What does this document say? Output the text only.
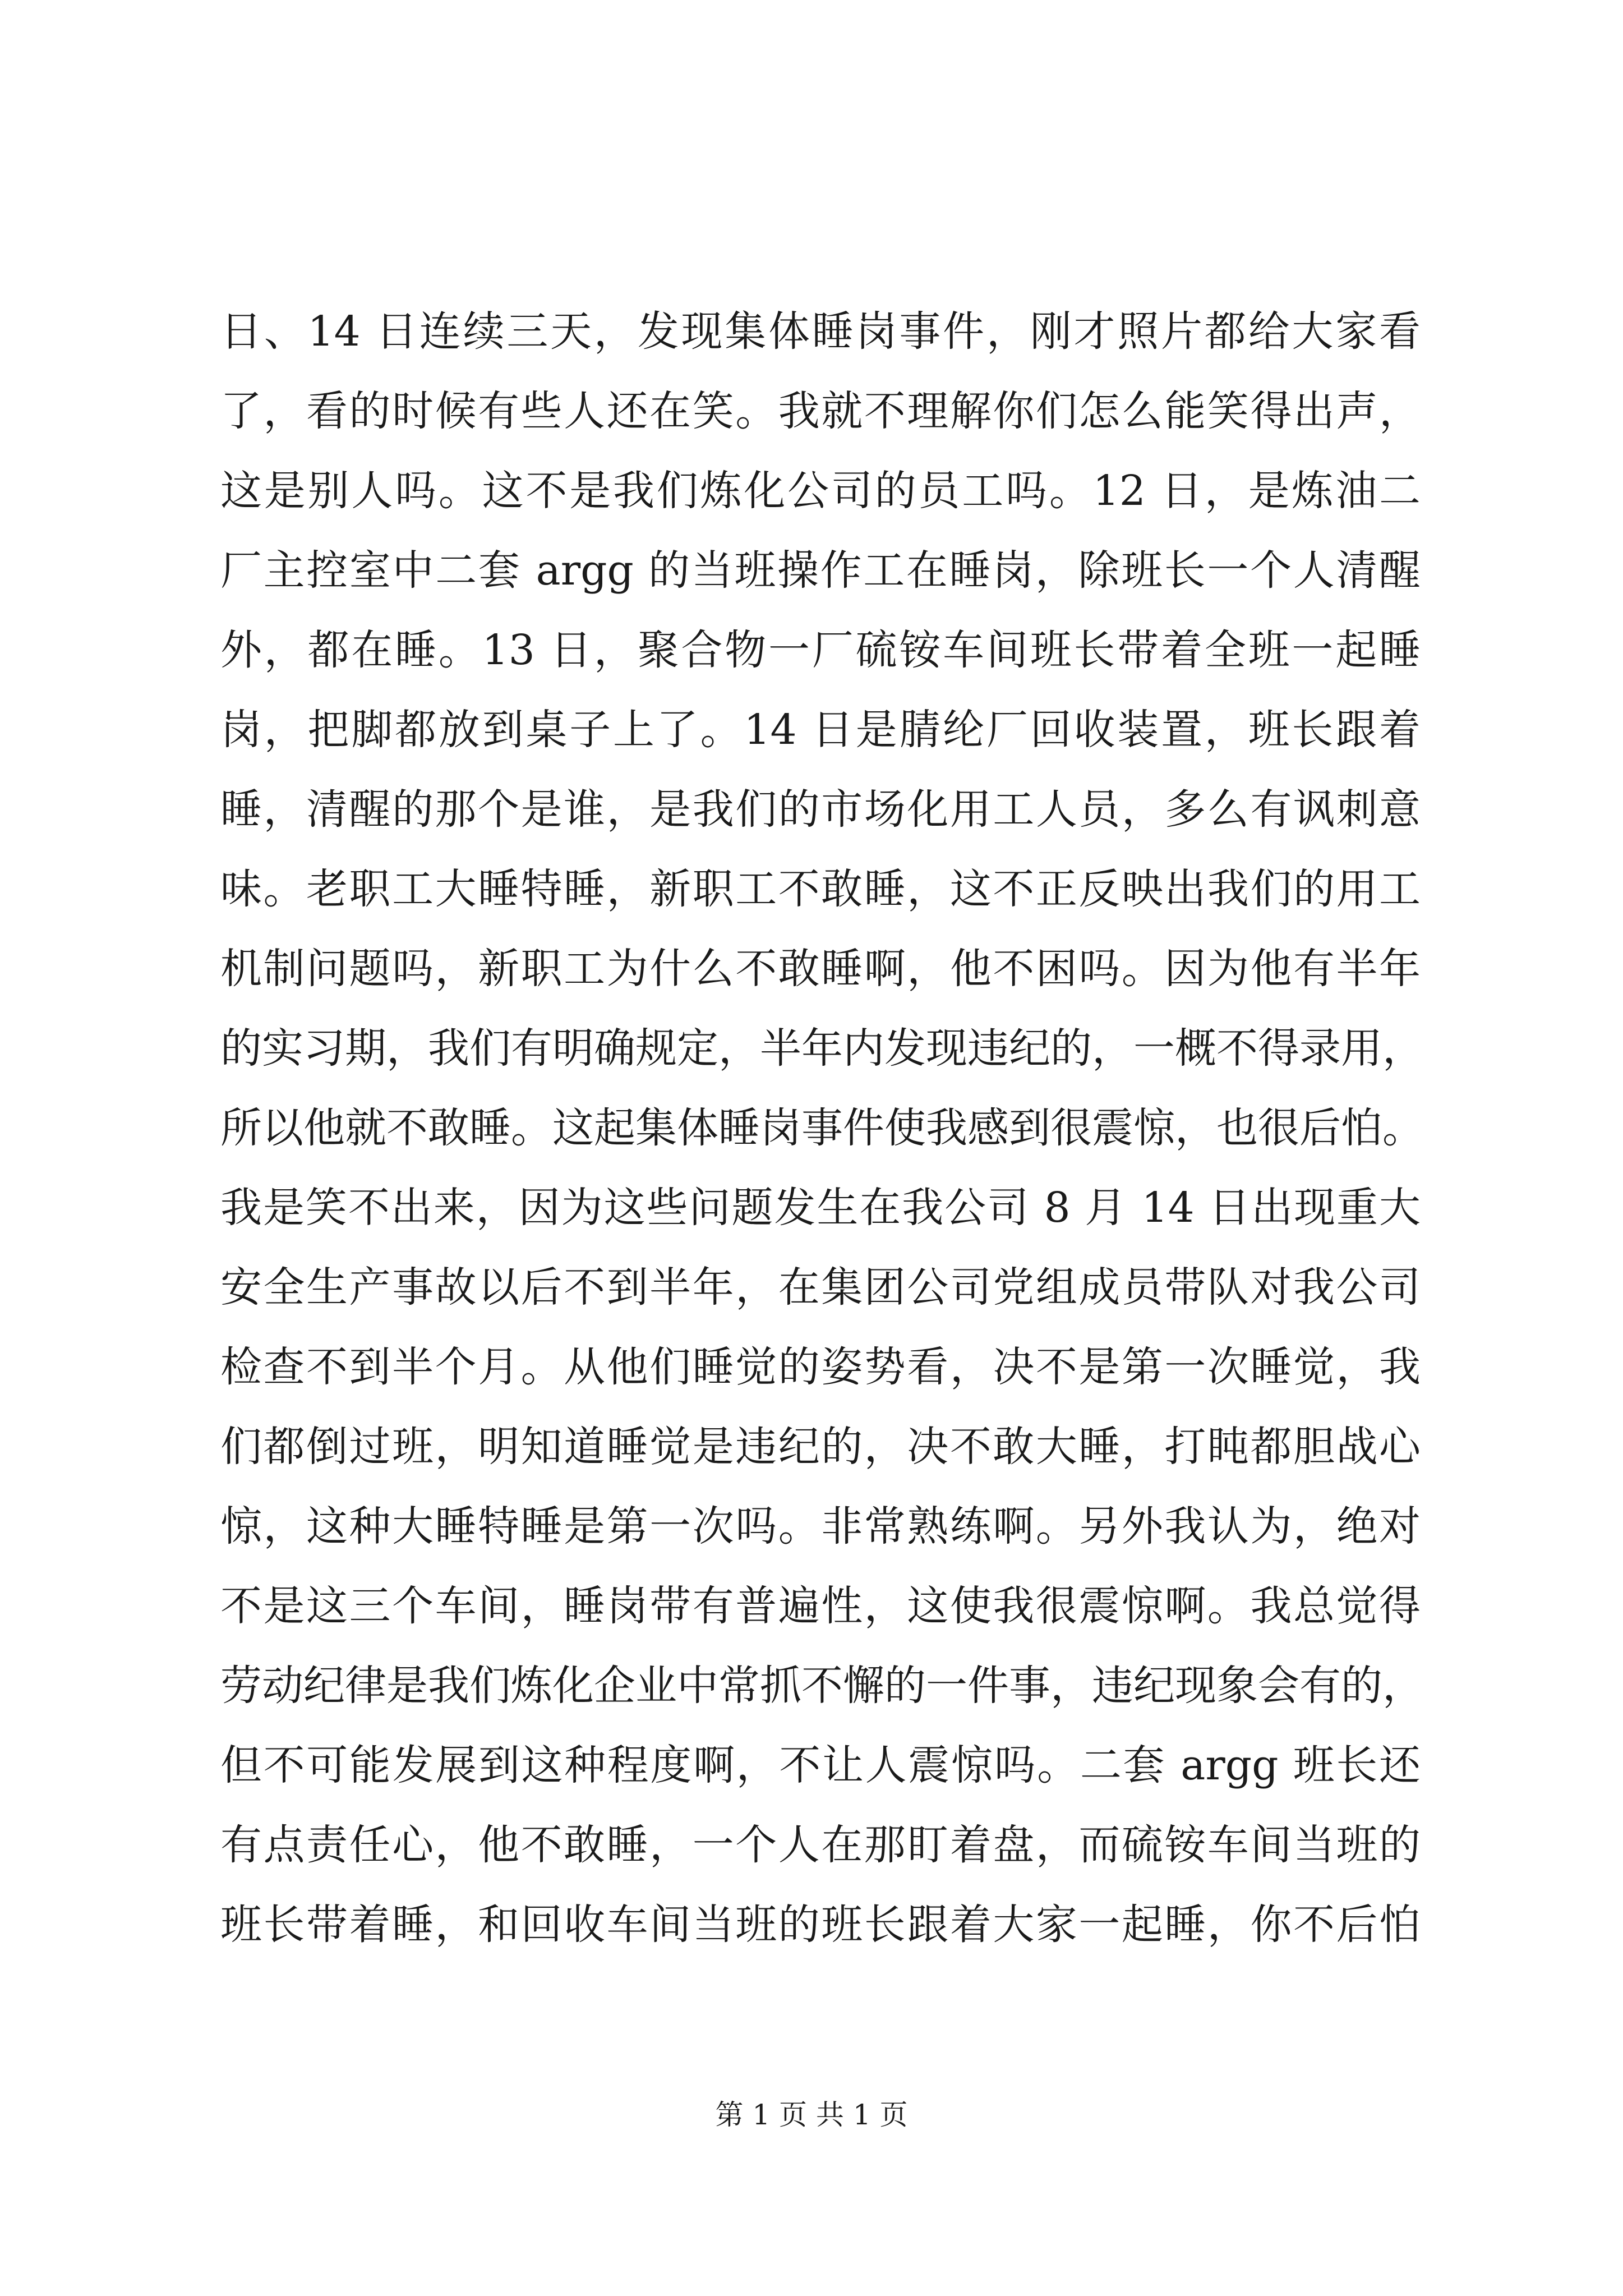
日、14 日连续三天，发现集体睡岗事件，刚才照片都给大家看
了，看的时候有些人还在笑。我就不理解你们怎么能笑得出声，
这是别人吗。这不是我们炼化公司的员工吗。12 日，是炼油二
厂主控室中二套 argg 的当班操作工在睡岗，除班长一个人清醒
外，都在睡。13 日，聚合物一厂硫铵车间班长带着全班一起睡
岗，把脚都放到桌子上了。14 日是腈纶厂回收装置，班长跟着
睡，清醒的那个是谁，是我们的市场化用工人员，多么有讽刺意
味。老职工大睡特睡，新职工不敢睡，这不正反映出我们的用工
机制问题吗，新职工为什么不敢睡啊，他不困吗。因为他有半年
的实习期，我们有明确规定，半年内发现违纪的，一概不得录用，
所以他就不敢睡。这起集体睡岗事件使我感到很震惊，也很后怕。
我是笑不出来，因为这些问题发生在我公司 8 月 14 日出现重大
安全生产事故以后不到半年，在集团公司党组成员带队对我公司
检查不到半个月。从他们睡觉的姿势看，决不是第一次睡觉，我
们都倒过班，明知道睡觉是违纪的，决不敢大睡，打盹都胆战心
惊，这种大睡特睡是第一次吗。非常熟练啊。另外我认为，绝对
不是这三个车间，睡岗带有普遍性，这使我很震惊啊。我总觉得
劳动纪律是我们炼化企业中常抓不懈的一件事，违纪现象会有的，
但不可能发展到这种程度啊，不让人震惊吗。二套 argg 班长还
有点责任心，他不敢睡，一个人在那盯着盘，而硫铵车间当班的
班长带着睡，和回收车间当班的班长跟着大家一起睡，你不后怕
第 1 页 共 1 页
